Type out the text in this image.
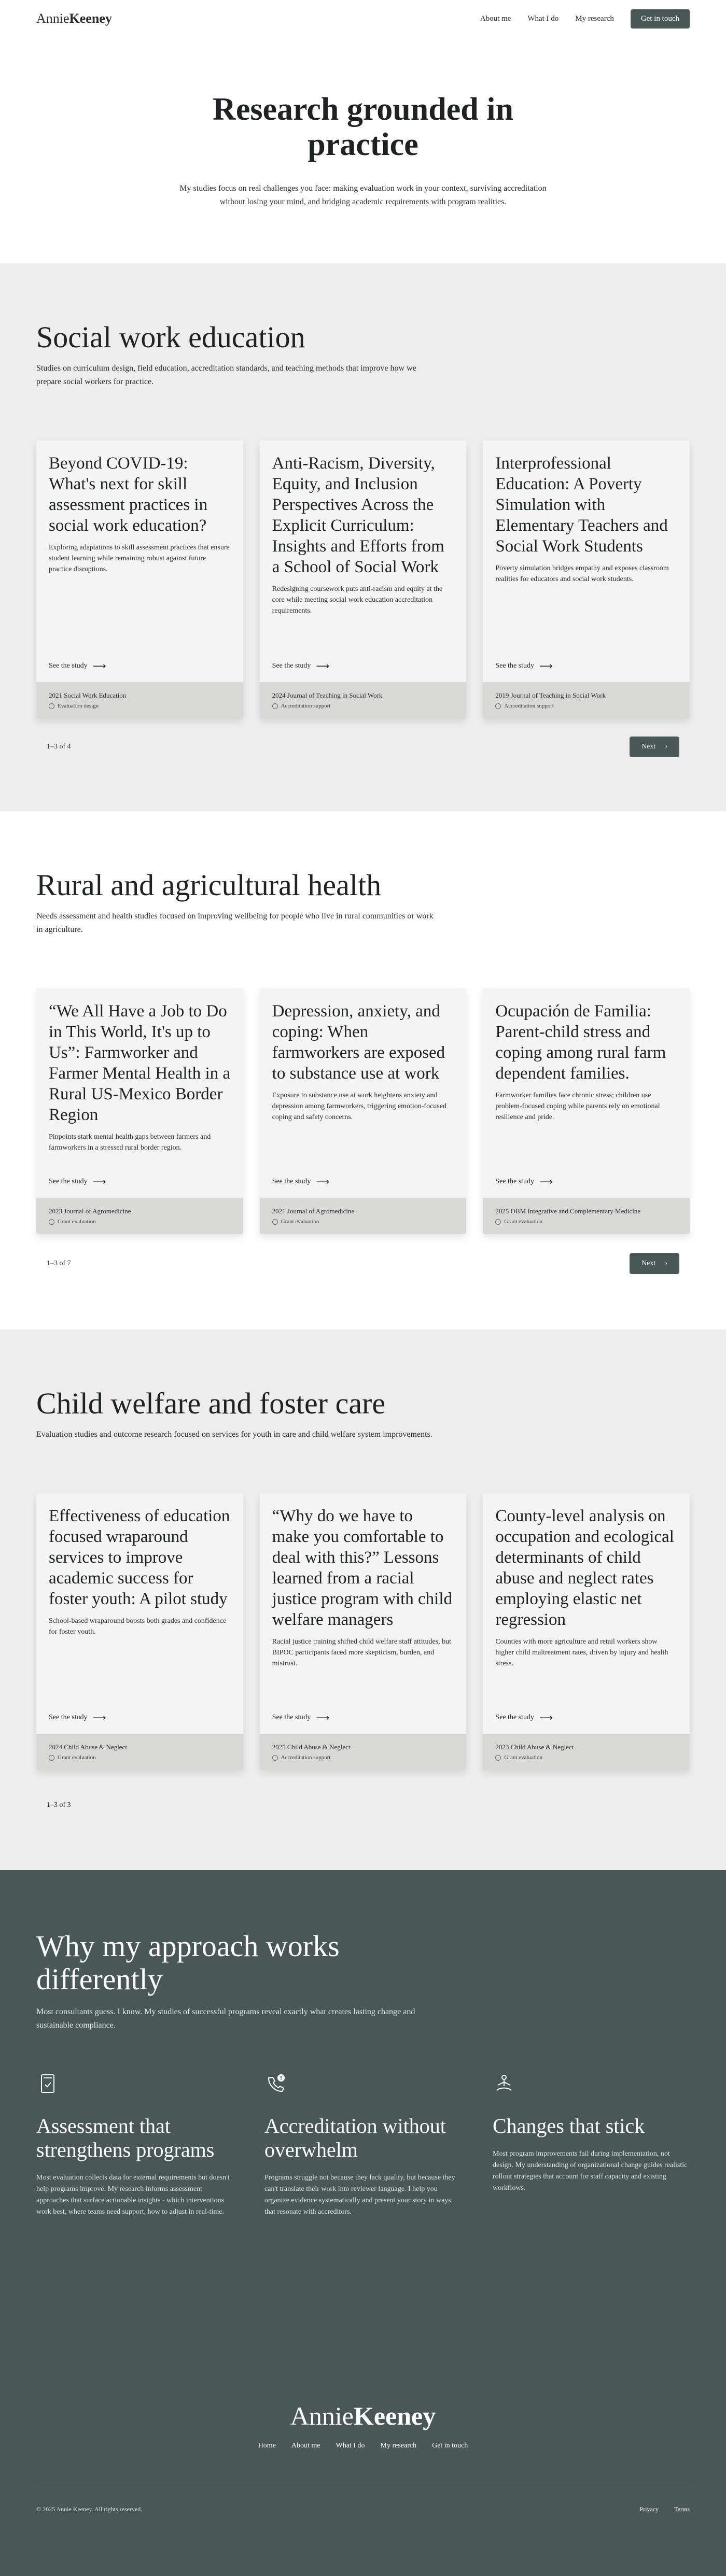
AnnieKeeney	About me What I do My research	Get in touch
Research grounded in practice

My studies focus on real challenges you face: making evaluation work in your context, surviving accreditation without losing your mind, and bridging academic requirements with program realities.

Social work education

Studies on curriculum design, field education, accreditation standards, and teaching methods that improve how we prepare social workers for practice.

Beyond COVID-19: What's next for skill assessment practices in social work education?

Exploring adaptations to skill assessment practices that ensure student learning while remaining robust against future practice disruptions.

See the study ⟶
2021 Social Work Education
Evaluation design
Anti-Racism, Diversity, Equity, and Inclusion Perspectives Across the Explicit Curriculum: Insights and Efforts from a School of Social Work

Redesigning coursework puts anti-racism and equity at the core while meeting social work education accreditation requirements.

See the study ⟶
2024 Journal of Teaching in Social Work
Accreditation support
Interprofessional Education: A Poverty Simulation with Elementary Teachers and Social Work Students

Poverty simulation bridges empathy and exposes classroom realities for educators and social work students.

See the study ⟶
2019 Journal of Teaching in Social Work
Accreditation support
1–3 of 4	Next ›
Rural and agricultural health

Needs assessment and health studies focused on improving wellbeing for people who live in rural communities or work in agriculture.

“We All Have a Job to Do in This World, It's up to Us”: Farmworker and Farmer Mental Health in a Rural US-Mexico Border Region

Pinpoints stark mental health gaps between farmers and farmworkers in a stressed rural border region.

See the study ⟶
2023 Journal of Agromedicine
Grant evaluation
Depression, anxiety, and coping: When farmworkers are exposed to substance use at work

Exposure to substance use at work heightens anxiety and depression among farmworkers, triggering emotion-focused coping and safety concerns.

See the study ⟶
2021 Journal of Agromedicine
Grant evaluation
Ocupación de Familia: Parent-child stress and coping among rural farm dependent families.

Farmworker families face chronic stress; children use problem-focused coping while parents rely on emotional resilience and pride.

See the study ⟶
2025 OBM Integrative and Complementary Medicine
Grant evaluation
1–3 of 7	Next ›
Child welfare and foster care

Evaluation studies and outcome research focused on services for youth in care and child welfare system improvements.

Effectiveness of education focused wraparound services to improve academic success for foster youth: A pilot study

School-based wraparound boosts both grades and confidence for foster youth.

See the study ⟶
2024 Child Abuse & Neglect
Grant evaluation
“Why do we have to make you comfortable to deal with this?” Lessons learned from a racial justice program with child welfare managers

Racial justice training shifted child welfare staff attitudes, but BIPOC participants faced more skepticism, burden, and mistrust.

See the study ⟶
2025 Child Abuse & Neglect
Accreditation support
County-level analysis on occupation and ecological determinants of child abuse and neglect rates employing elastic net regression

Counties with more agriculture and retail workers show higher child maltreatment rates, driven by injury and health stress.

See the study ⟶
2023 Child Abuse & Neglect
Grant evaluation
1–3 of 3
Why my approach works differently

Most consultants guess. I know. My studies of successful programs reveal exactly what creates lasting change and sustainable compliance.

Assessment that strengthens programs

Most evaluation collects data for external requirements but doesn't help programs improve. My research informs assessment approaches that surface actionable insights - which interventions work best, where teams need support, how to adjust in real-time.

Accreditation without overwhelm

Programs struggle not because they lack quality, but because they can't translate their work into reviewer language. I help you organize evidence systematically and present your story in ways that resonate with accreditors.

Changes that stick

Most program improvements fail during implementation, not design. My understanding of organizational change guides realistic rollout strategies that account for staff capacity and existing workflows.

AnnieKeeney
Home About me What I do My research Get in touch
© 2025 Annie Keeney. All rights reserved.	Privacy	Terms
